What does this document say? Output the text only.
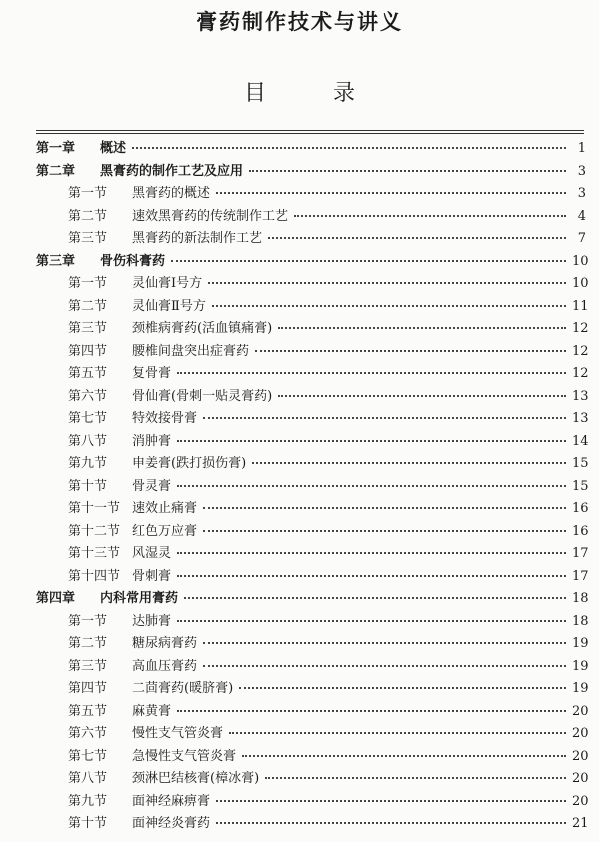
膏药制作技术与讲义
目 录
第一章	概述	1
第二章	黑膏药的制作工艺及应用	3
第一节	黑膏药的概述	3
第二节	速效黑膏药的传统制作工艺	4
第三节	黑膏药的新法制作工艺	7
第三章	骨伤科膏药	10
第一节	灵仙膏Ⅰ号方	10
第二节	灵仙膏Ⅱ号方	11
第三节	颈椎病膏药(活血镇痛膏)	12
第四节	腰椎间盘突出症膏药	12
第五节	复骨膏	12
第六节	骨仙膏(骨刺一贴灵膏药)	13
第七节	特效接骨膏	13
第八节	消肿膏	14
第九节	申姜膏(跌打损伤膏)	15
第十节	骨灵膏	15
第十一节 速效止痛膏	16
第十二节 红色万应膏	16
第十三节 风湿灵	17
第十四节 骨刺膏	17
第四章	内科常用膏药	18
第一节	达肺膏	18
第二节	糖尿病膏药	19
第三节	高血压膏药	19
第四节	二茴膏药(暖脐膏)	19
第五节	麻黄膏	20
第六节	慢性支气管炎膏	20
第七节	急慢性支气管炎膏	20
第八节	颈淋巴结核膏(樟冰膏)	20
第九节	面神经麻痹膏	20
第十节	面神经炎膏药	21
